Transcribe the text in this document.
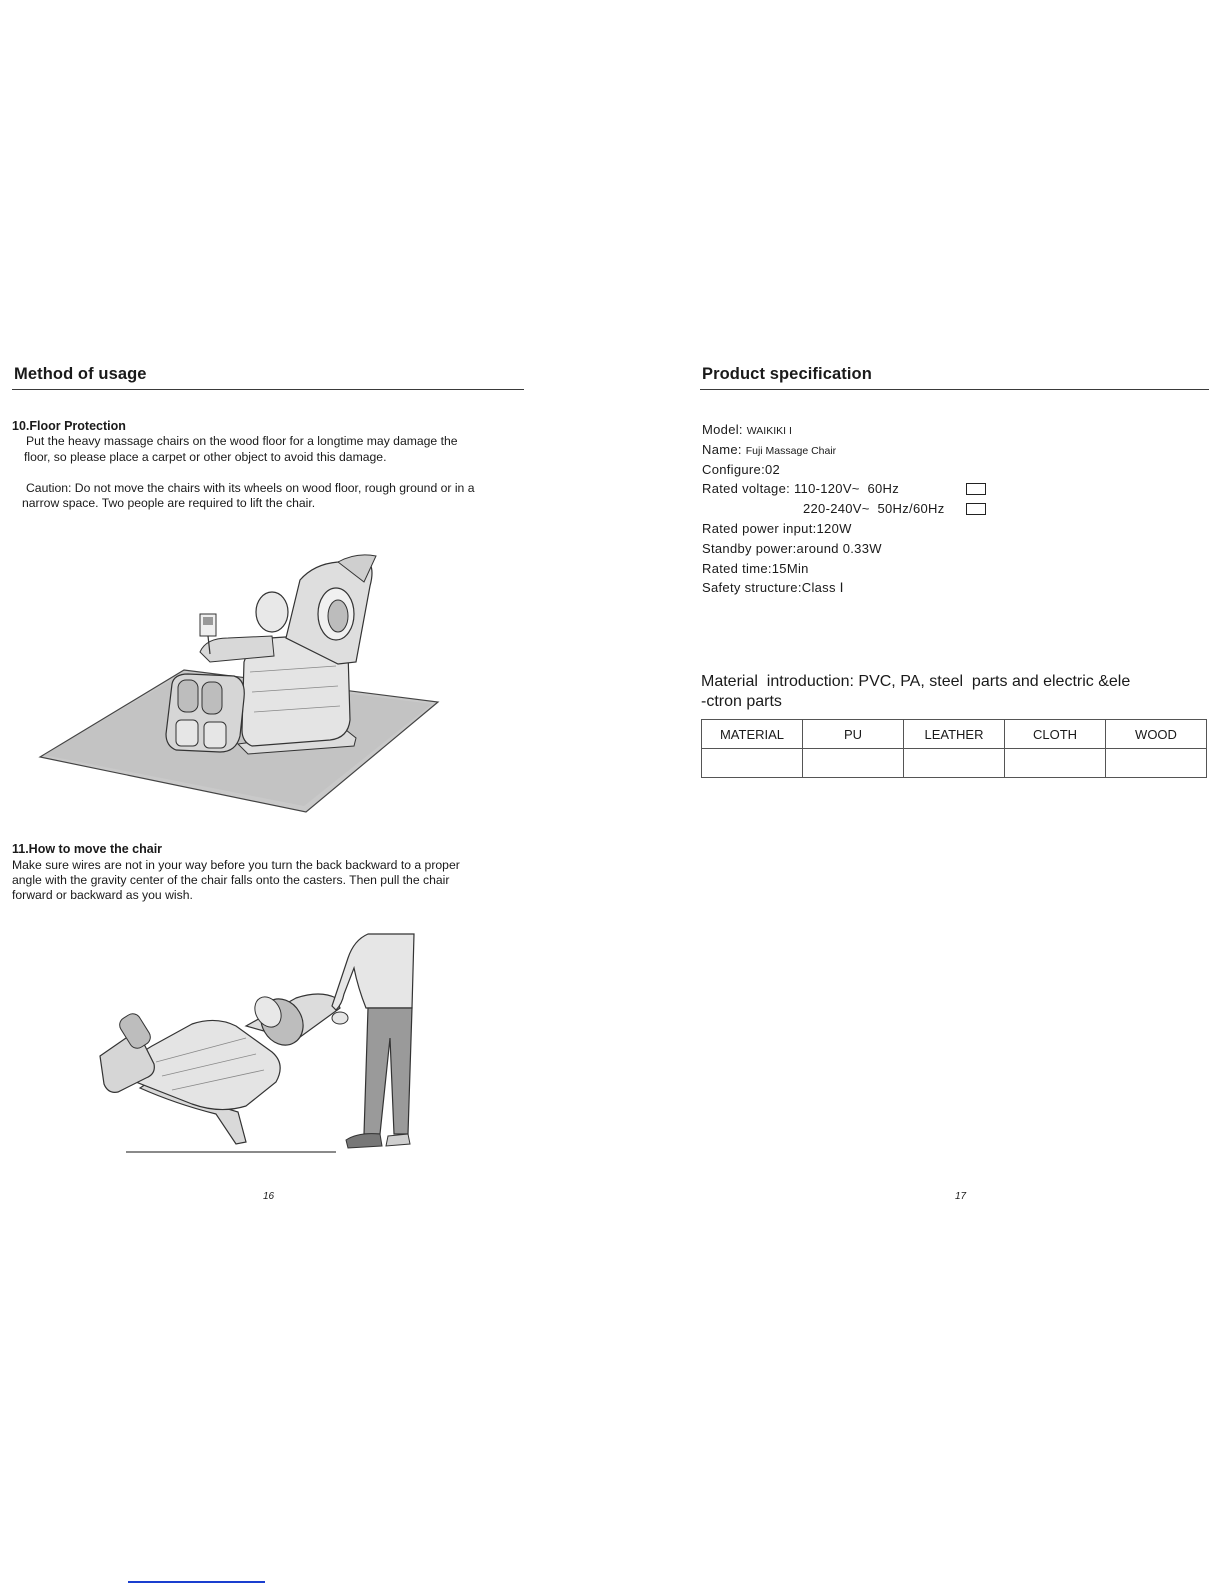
Method of usage
10.Floor Protection
Put the heavy massage chairs on the wood floor for a longtime may damage the
floor, so please place a carpet or other object to avoid this damage.
Caution: Do not move the chairs with its wheels on wood floor, rough ground or in a
narrow space. Two people are required to lift the chair.
11.How to move the chair
Make sure wires are not in your way before you turn the back backward to a proper
angle with the gravity center of the chair falls onto the casters. Then pull the chair
forward or backward as you wish.
16
Product specification
Model: WAIKIKI I
Name: Fuji Massage Chair
Configure:02
Rated voltage: 110-120V~  60Hz
220-240V~  50Hz/60Hz
Rated power input:120W
Standby power:around 0.33W
Rated time:15Min
Safety structure:Class Ⅰ
Material  introduction: PVC, PA, steel  parts and electric &ele
-ctron parts
MATERIAL	PU	LEATHER	CLOTH	WOOD

17
